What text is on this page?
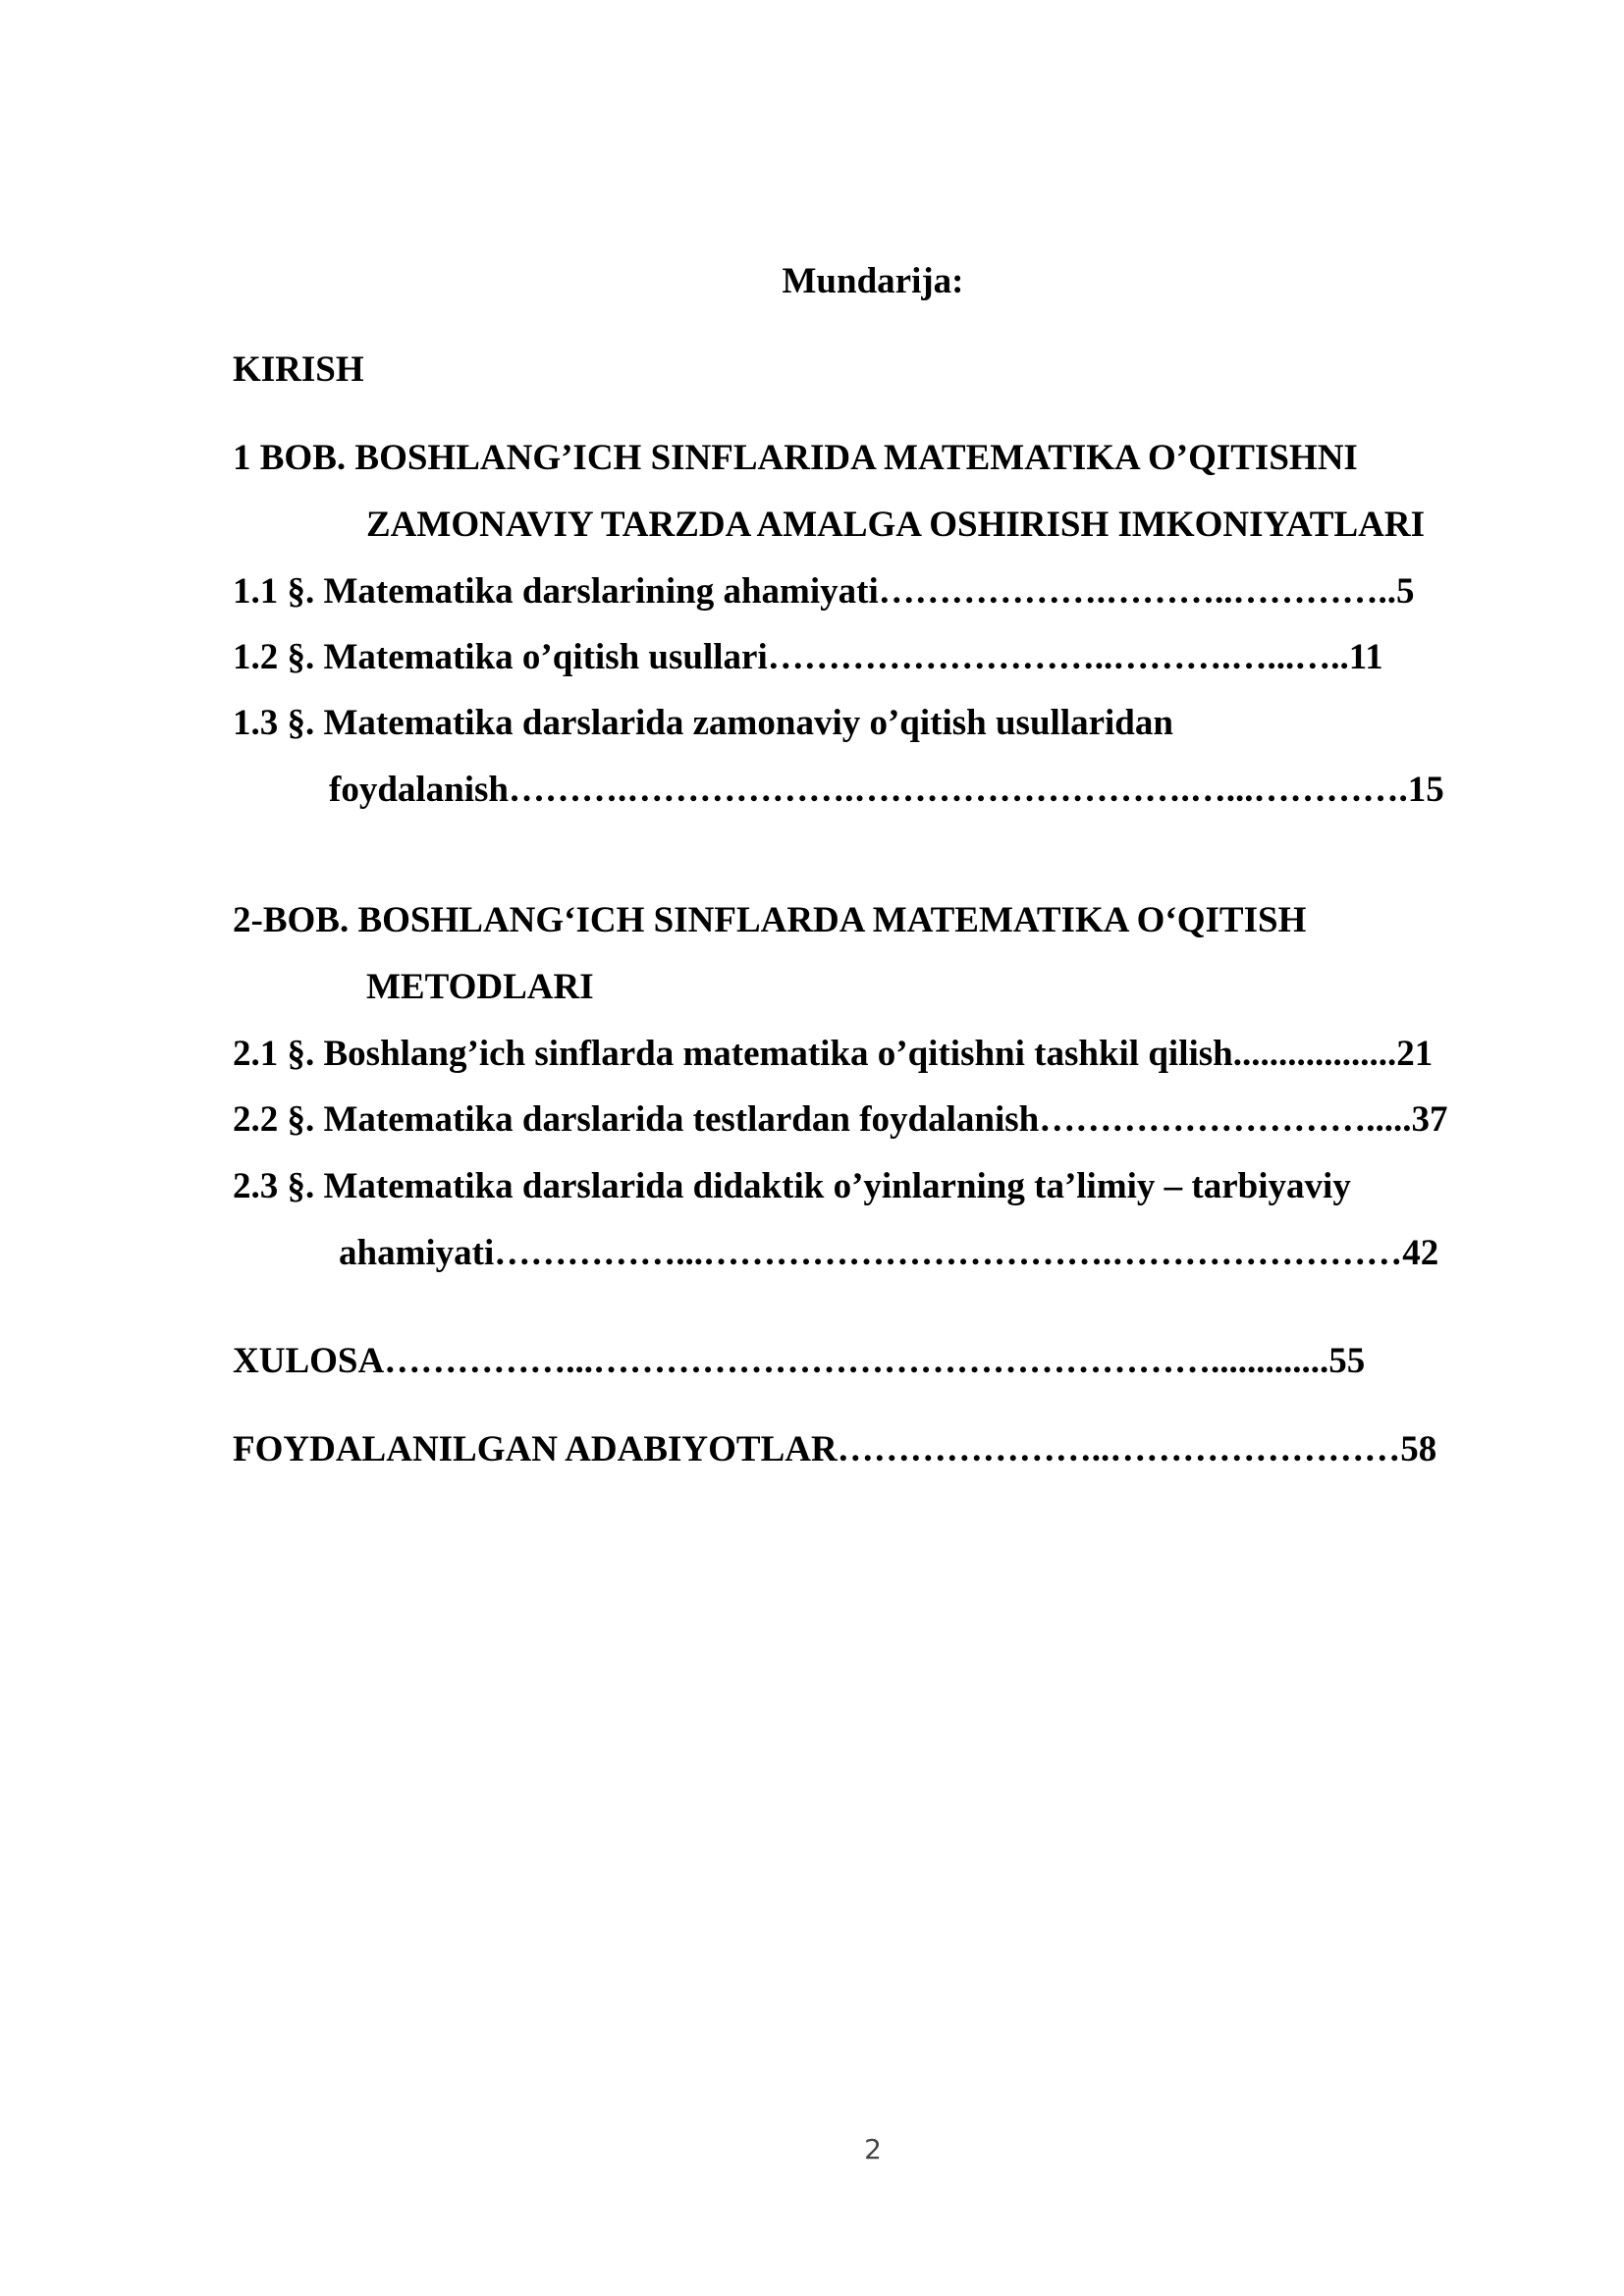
Mundarija:
KIRISH
1 BOB. BOSHLANG’ICH SINFLARIDA MATEMATIKA O’QITISHNI
ZAMONAVIY TARZDA AMALGA OSHIRISH IMKONIYATLARI
1.1 §. Matematika darslarining ahamiyati……………….………..…………..5
1.2 §. Matematika o’qitish usullari………………………..……….…...…..11
1.3 §. Matematika darslarida zamonaviy o’qitish usullaridan
foydalanish……….……………….……………………….…...………….15
2-BOB. BOSHLANG‘ICH SINFLARDA MATEMATIKA O‘QITISH
METODLARI
2.1 §. Boshlang’ich sinflarda matematika o’qitishni tashkil qilish..................21
2.2 §. Matematika darslarida testlardan foydalanish……………………….....37
2.3 §. Matematika darslarida didaktik o’yinlarning ta’limiy – tarbiyaviy
ahamiyati……………...…………………………….……………………42
XULOSA……………...…………………………………………….............55
FOYDALANILGAN ADABIYOTLAR…………………..……………………58
2
